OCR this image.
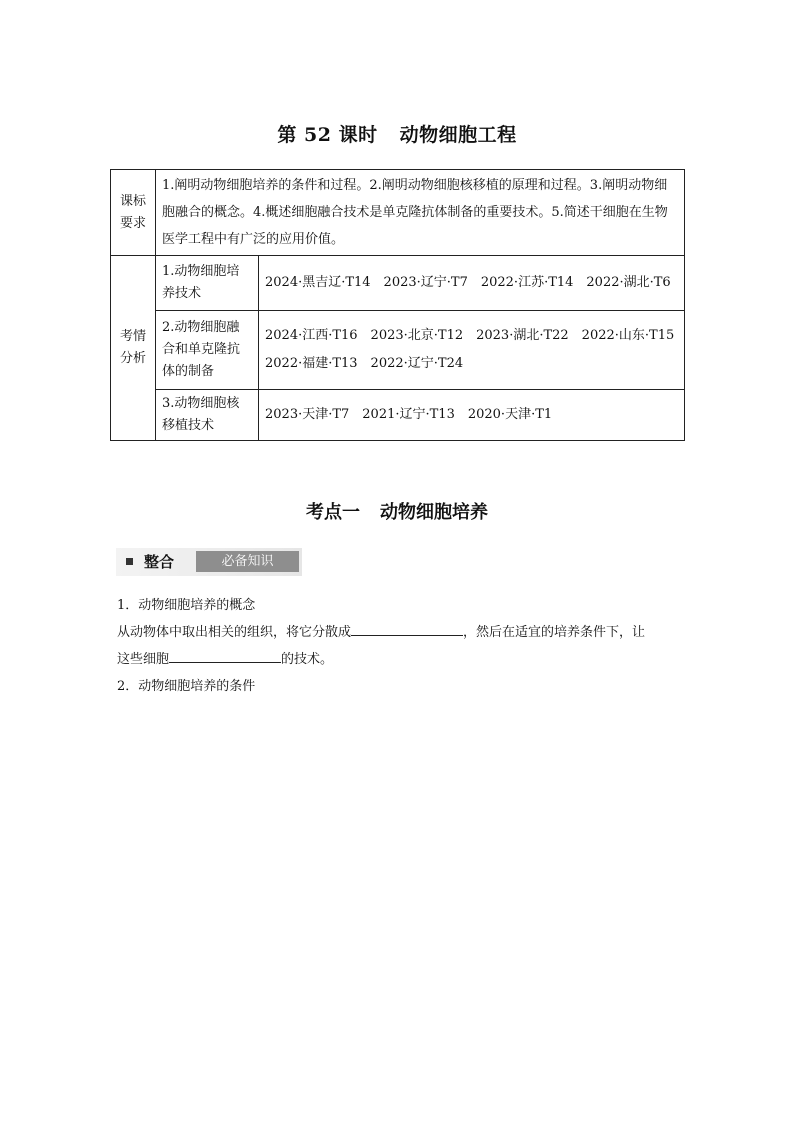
第 52 课时 动物细胞工程
课标
要求	1.阐明动物细胞培养的条件和过程。2.阐明动物细胞核移植的原理和过程。3.阐明动物细胞融合的概念。4.概述细胞融合技术是单克隆抗体制备的重要技术。5.简述干细胞在生物医学工程中有广泛的应用价值。	

考情
分析	1.动物细胞培养技术	2024·黑吉辽·T14　2023·辽宁·T7　2022·江苏·T14　2022·湖北·T6
	2.动物细胞融合和单克隆抗体的制备	2024·江西·T16　2023·北京·T12　2023·湖北·T22　2022·山东·T15
2022·福建·T13　2022·辽宁·T24

	3.动物细胞核移植技术	2023·天津·T7　2021·辽宁·T13　2020·天津·T1
考点一 动物细胞培养
整合	必备知识
1．动物细胞培养的概念
从动物体中取出相关的组织，将它分散成	，然后在适宜的培养条件下，让
这些细胞	的技术。
2．动物细胞培养的条件
